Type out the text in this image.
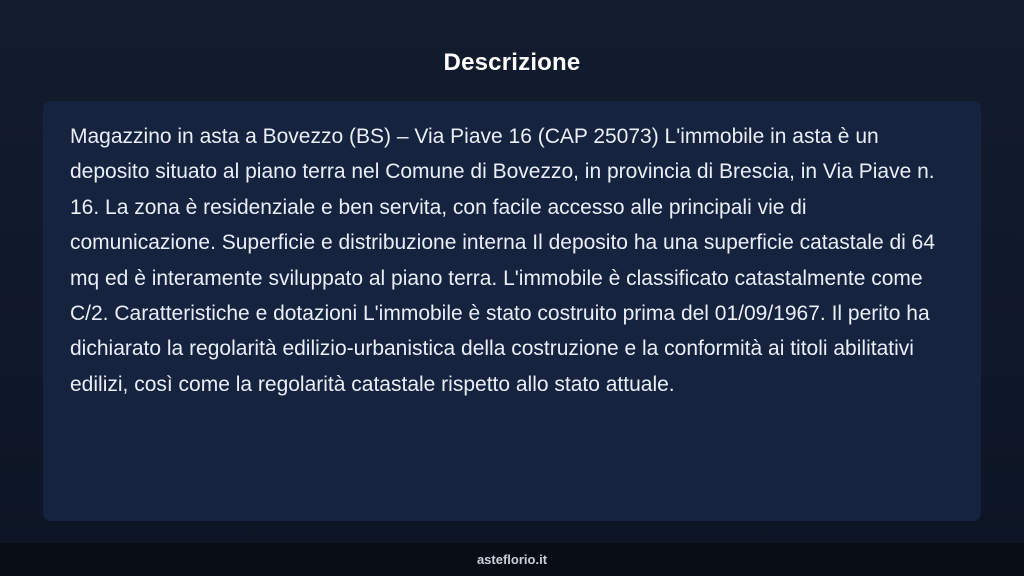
Descrizione

Magazzino in asta a Bovezzo (BS) – Via Piave 16 (CAP 25073) L'immobile in asta è un deposito situato al piano terra nel Comune di Bovezzo, in provincia di Brescia, in Via Piave n. 16. La zona è residenziale e ben servita, con facile accesso alle principali vie di comunicazione. Superficie e distribuzione interna Il deposito ha una superficie catastale di 64 mq ed è interamente sviluppato al piano terra. L'immobile è classificato catastalmente come C/2. Caratteristiche e dotazioni L'immobile è stato costruito prima del 01/09/1967. Il perito ha dichiarato la regolarità edilizio-urbanistica della costruzione e la conformità ai titoli abilitativi edilizi, così come la regolarità catastale rispetto allo stato attuale.

asteflorio.it
